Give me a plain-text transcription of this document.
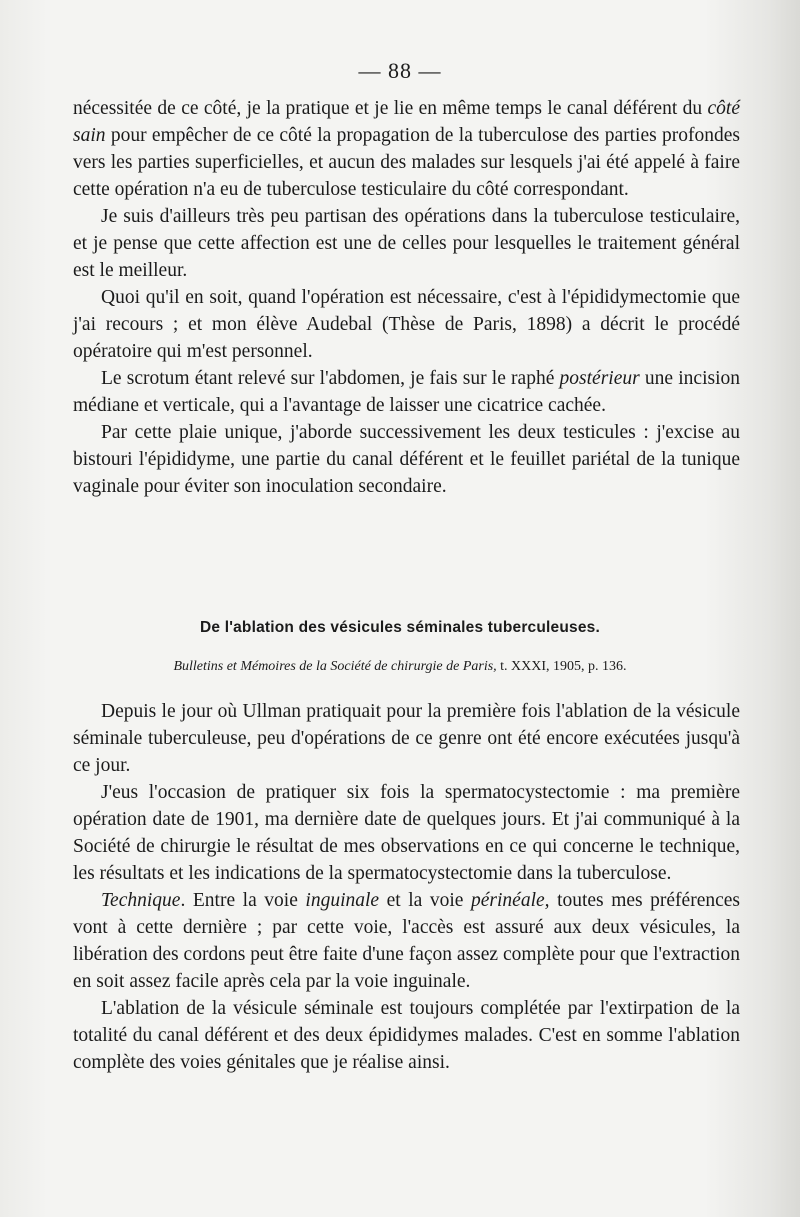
— 88 —

nécessitée de ce côté, je la pratique et je lie en même temps le canal déférent du côté sain pour empêcher de ce côté la propagation de la tuberculose des parties profondes vers les parties superficielles, et aucun des malades sur lesquels j'ai été appelé à faire cette opération n'a eu de tuberculose testiculaire du côté correspondant.

Je suis d'ailleurs très peu partisan des opérations dans la tuberculose testiculaire, et je pense que cette affection est une de celles pour lesquelles le traitement général est le meilleur.

Quoi qu'il en soit, quand l'opération est nécessaire, c'est à l'épididymectomie que j'ai recours ; et mon élève Audebal (Thèse de Paris, 1898) a décrit le procédé opératoire qui m'est personnel.

Le scrotum étant relevé sur l'abdomen, je fais sur le raphé postérieur une incision médiane et verticale, qui a l'avantage de laisser une cicatrice cachée.

Par cette plaie unique, j'aborde successivement les deux testicules : j'excise au bistouri l'épididyme, une partie du canal déférent et le feuillet pariétal de la tunique vaginale pour éviter son inoculation secondaire.

De l'ablation des vésicules séminales tuberculeuses.
Bulletins et Mémoires de la Société de chirurgie de Paris, t. XXXI, 1905, p. 136.

Depuis le jour où Ullman pratiquait pour la première fois l'ablation de la vésicule séminale tuberculeuse, peu d'opérations de ce genre ont été encore exécutées jusqu'à ce jour.

J'eus l'occasion de pratiquer six fois la spermatocystectomie : ma première opération date de 1901, ma dernière date de quelques jours. Et j'ai communiqué à la Société de chirurgie le résultat de mes observations en ce qui concerne le technique, les résultats et les indications de la spermatocystectomie dans la tuberculose.

Technique. Entre la voie inguinale et la voie périnéale, toutes mes préférences vont à cette dernière ; par cette voie, l'accès est assuré aux deux vésicules, la libération des cordons peut être faite d'une façon assez complète pour que l'extraction en soit assez facile après cela par la voie inguinale.

L'ablation de la vésicule séminale est toujours complétée par l'extirpation de la totalité du canal déférent et des deux épididymes malades. C'est en somme l'ablation complète des voies génitales que je réalise ainsi.
